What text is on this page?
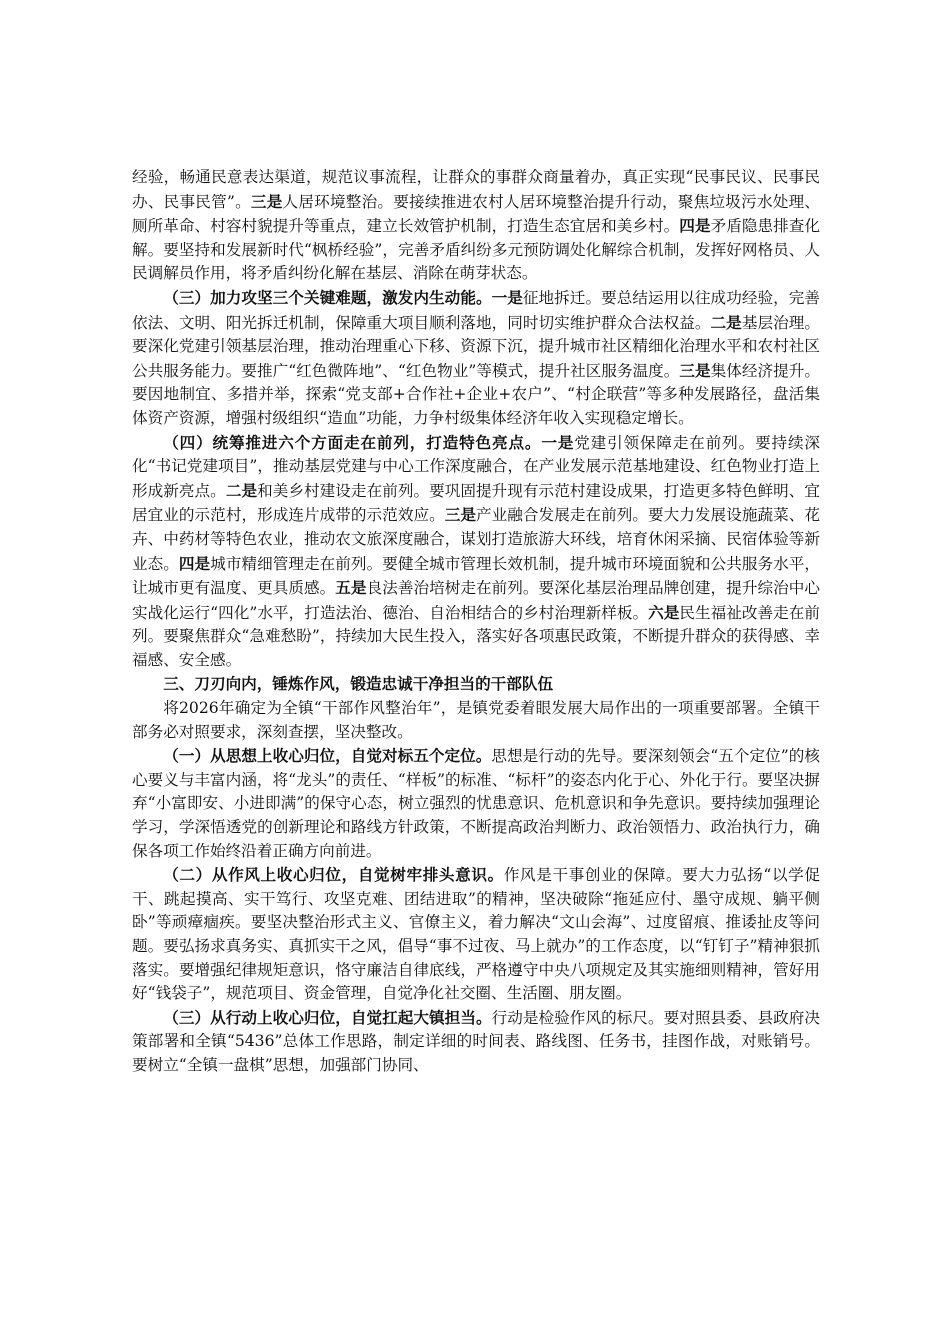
经验，畅通民意表达渠道，规范议事流程，让群众的事群众商量着办，真正实现“民事民议、民事民办、民事民管”。三是人居环境整治。要接续推进农村人居环境整治提升行动，聚焦垃圾污水处理、厕所革命、村容村貌提升等重点，建立长效管护机制，打造生态宜居和美乡村。四是矛盾隐患排查化解。要坚持和发展新时代“枫桥经验”，完善矛盾纠纷多元预防调处化解综合机制，发挥好网格员、人民调解员作用，将矛盾纠纷化解在基层、消除在萌芽状态。

（三）加力攻坚三个关键难题，激发内生动能。一是征地拆迁。要总结运用以往成功经验，完善依法、文明、阳光拆迁机制，保障重大项目顺利落地，同时切实维护群众合法权益。二是基层治理。要深化党建引领基层治理，推动治理重心下移、资源下沉，提升城市社区精细化治理水平和农村社区公共服务能力。要推广“红色微阵地”、“红色物业”等模式，提升社区服务温度。三是集体经济提升。要因地制宜、多措并举，探索“党支部+合作社+企业+农户”、“村企联营”等多种发展路径，盘活集体资产资源，增强村级组织“造血”功能，力争村级集体经济年收入实现稳定增长。

（四）统筹推进六个方面走在前列，打造特色亮点。一是党建引领保障走在前列。要持续深化“书记党建项目”，推动基层党建与中心工作深度融合，在产业发展示范基地建设、红色物业打造上形成新亮点。二是和美乡村建设走在前列。要巩固提升现有示范村建设成果，打造更多特色鲜明、宜居宜业的示范村，形成连片成带的示范效应。三是产业融合发展走在前列。要大力发展设施蔬菜、花卉、中药材等特色农业，推动农文旅深度融合，谋划打造旅游大环线，培育休闲采摘、民宿体验等新业态。四是城市精细管理走在前列。要健全城市管理长效机制，提升城市环境面貌和公共服务水平，让城市更有温度、更具质感。五是良法善治培树走在前列。要深化基层治理品牌创建，提升综治中心实战化运行“四化”水平，打造法治、德治、自治相结合的乡村治理新样板。六是民生福祉改善走在前列。要聚焦群众“急难愁盼”，持续加大民生投入，落实好各项惠民政策，不断提升群众的获得感、幸福感、安全感。

三、刀刃向内，锤炼作风，锻造忠诚干净担当的干部队伍

将2026年确定为全镇“干部作风整治年”，是镇党委着眼发展大局作出的一项重要部署。全镇干部务必对照要求，深刻查摆，坚决整改。

（一）从思想上收心归位，自觉对标五个定位。思想是行动的先导。要深刻领会“五个定位”的核心要义与丰富内涵，将“龙头”的责任、“样板”的标准、“标杆”的姿态内化于心、外化于行。要坚决摒弃“小富即安、小进即满”的保守心态，树立强烈的忧患意识、危机意识和争先意识。要持续加强理论学习，学深悟透党的创新理论和路线方针政策，不断提高政治判断力、政治领悟力、政治执行力，确保各项工作始终沿着正确方向前进。

（二）从作风上收心归位，自觉树牢排头意识。作风是干事创业的保障。要大力弘扬“以学促干、跳起摸高、实干笃行、攻坚克难、团结进取”的精神，坚决破除“拖延应付、墨守成规、躺平侧卧”等顽瘴痼疾。要坚决整治形式主义、官僚主义，着力解决“文山会海”、过度留痕、推诿扯皮等问题。要弘扬求真务实、真抓实干之风，倡导“事不过夜、马上就办”的工作态度，以“钉钉子”精神狠抓落实。要增强纪律规矩意识，恪守廉洁自律底线，严格遵守中央八项规定及其实施细则精神，管好用好“钱袋子”，规范项目、资金管理，自觉净化社交圈、生活圈、朋友圈。

（三）从行动上收心归位，自觉扛起大镇担当。行动是检验作风的标尺。要对照县委、县政府决策部署和全镇“5436”总体工作思路，制定详细的时间表、路线图、任务书，挂图作战，对账销号。要树立“全镇一盘棋”思想，加强部门协同、
